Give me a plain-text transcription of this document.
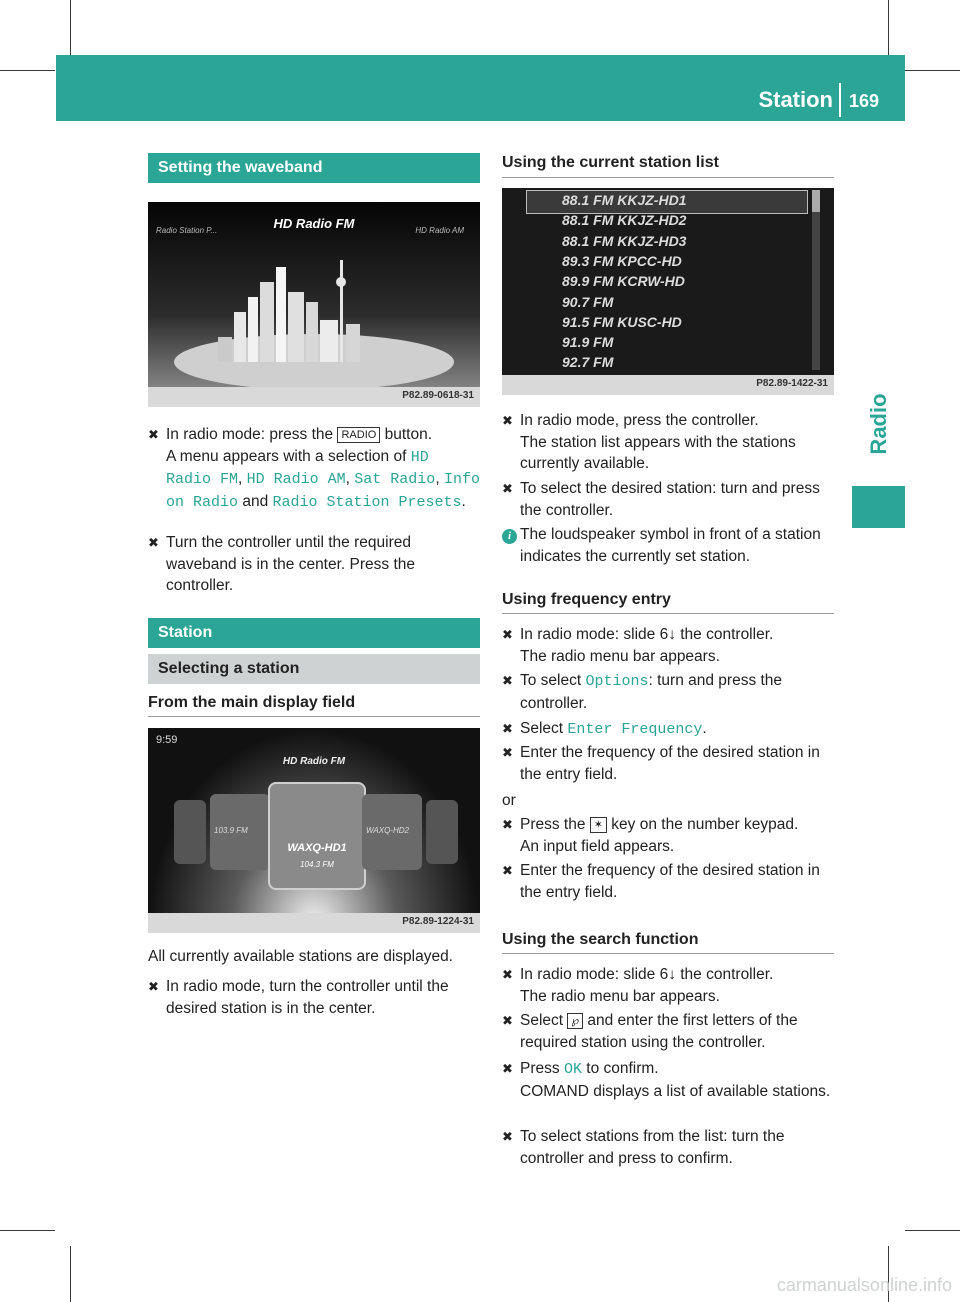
Station 169
Radio
Setting the waveband
HD Radio FM
Radio Station P...	HD Radio AM
P82.89-0618-31
✖ In radio mode: press the RADIO button.
A menu appears with a selection of HD Radio FM, HD Radio AM, Sat Radio, Info on Radio and Radio Station Presets.
✖ Turn the controller until the required waveband is in the center. Press the controller.
Station
Selecting a station
From the main display field
9:59
HD Radio FM
103.9 FM
WAXQ-HD1
104.3 FM
WAXQ-HD2
P82.89-1224-31
All currently available stations are displayed.
✖ In radio mode, turn the controller until the desired station is in the center.
Using the current station list
88.1 FM KKJZ-HD1
88.1 FM KKJZ-HD2
88.1 FM KKJZ-HD3
89.3 FM KPCC-HD
89.9 FM KCRW-HD
90.7 FM
91.5 FM KUSC-HD
91.9 FM
92.7 FM
P82.89-1422-31
✖ In radio mode, press the controller.
The station list appears with the stations currently available.
✖ To select the desired station: turn and press the controller.
i The loudspeaker symbol in front of a station indicates the currently set station.
Using frequency entry
✖ In radio mode: slide 6↓ the controller.
The radio menu bar appears.
✖ To select Options: turn and press the controller.
✖ Select Enter Frequency.
✖ Enter the frequency of the desired station in the entry field.
or
✖ Press the ✶ key on the number keypad.
An input field appears.
✖ Enter the frequency of the desired station in the entry field.
Using the search function
✖ In radio mode: slide 6↓ the controller.
The radio menu bar appears.
✖ Select ℘ and enter the first letters of the required station using the controller.
✖ Press OK to confirm.
COMAND displays a list of available stations.
✖ To select stations from the list: turn the controller and press to confirm.
carmanualsonline.info
